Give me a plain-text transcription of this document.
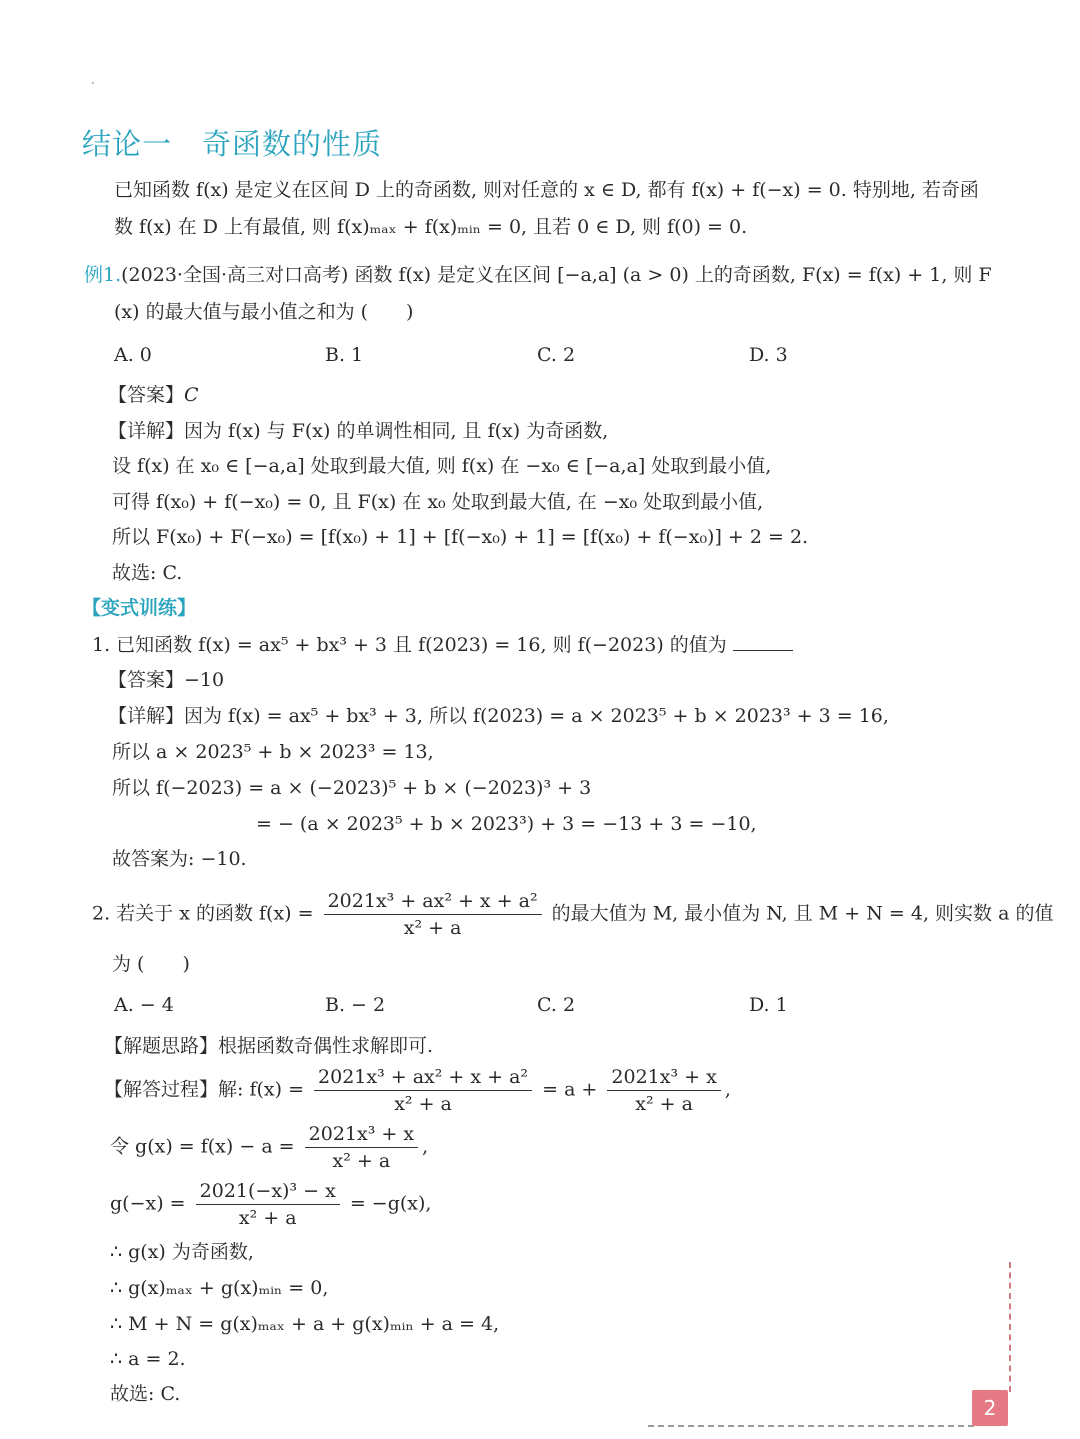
结论一　奇函数的性质
已知函数 f(x) 是定义在区间 D 上的奇函数, 则对任意的 x ∈ D, 都有 f(x) + f(−x) = 0. 特别地, 若奇函
数 f(x) 在 D 上有最值, 则 f(x)ₘₐₓ + f(x)ₘᵢₙ = 0, 且若 0 ∈ D, 则 f(0) = 0.
例1.(2023·全国·高三对口高考) 函数 f(x) 是定义在区间 [−a,a] (a > 0) 上的奇函数, F(x) = f(x) + 1, 则 F
(x) 的最大值与最小值之和为 (　　)
A. 0	B. 1	C. 2	D. 3
【答案】C
【详解】因为 f(x) 与 F(x) 的单调性相同, 且 f(x) 为奇函数,
设 f(x) 在 x₀ ∈ [−a,a] 处取到最大值, 则 f(x) 在 −x₀ ∈ [−a,a] 处取到最小值,
可得 f(x₀) + f(−x₀) = 0, 且 F(x) 在 x₀ 处取到最大值, 在 −x₀ 处取到最小值,
所以 F(x₀) + F(−x₀) = [f(x₀) + 1] + [f(−x₀) + 1] = [f(x₀) + f(−x₀)] + 2 = 2.
故选: C.
【变式训练】
1. 已知函数 f(x) = ax⁵ + bx³ + 3 且 f(2023) = 16, 则 f(−2023) 的值为
【答案】−10
【详解】因为 f(x) = ax⁵ + bx³ + 3, 所以 f(2023) = a × 2023⁵ + b × 2023³ + 3 = 16,
所以 a × 2023⁵ + b × 2023³ = 13,
所以 f(−2023) = a × (−2023)⁵ + b × (−2023)³ + 3
= − (a × 2023⁵ + b × 2023³) + 3 = −13 + 3 = −10,
故答案为: −10.
2. 若关于 x 的函数 $f(x) = \frac{\text{2021x³ + ax² + x + a²}}{\text{x² + a}}$ 的最大值为 M, 最小值为 N, 且 M + N = 4, 则实数 a 的值
为 (　　)
A. − 4	B. − 2	C. 2	D. 1
【解题思路】根据函数奇偶性求解即可.
【解答过程】解: $f(x) = \frac{\text{2021x³ + ax² + x + a²}}{\text{x² + a}} = a + \frac{\text{2021x³ + x}}{\text{x² + a}}$ ,
令 $g(x) = f(x) - a = \frac{\text{2021x³ + x}}{\text{x² + a}}$ ,
$g(-x) = \frac{\text{2021(−x)³ − x}}{\text{x² + a}} = -g(x)$,
∴ g(x) 为奇函数,
∴ g(x)ₘₐₓ + g(x)ₘᵢₙ = 0,
∴ M + N = g(x)ₘₐₓ + a + g(x)ₘᵢₙ + a = 4,
∴ a = 2.
故选: C.
2
